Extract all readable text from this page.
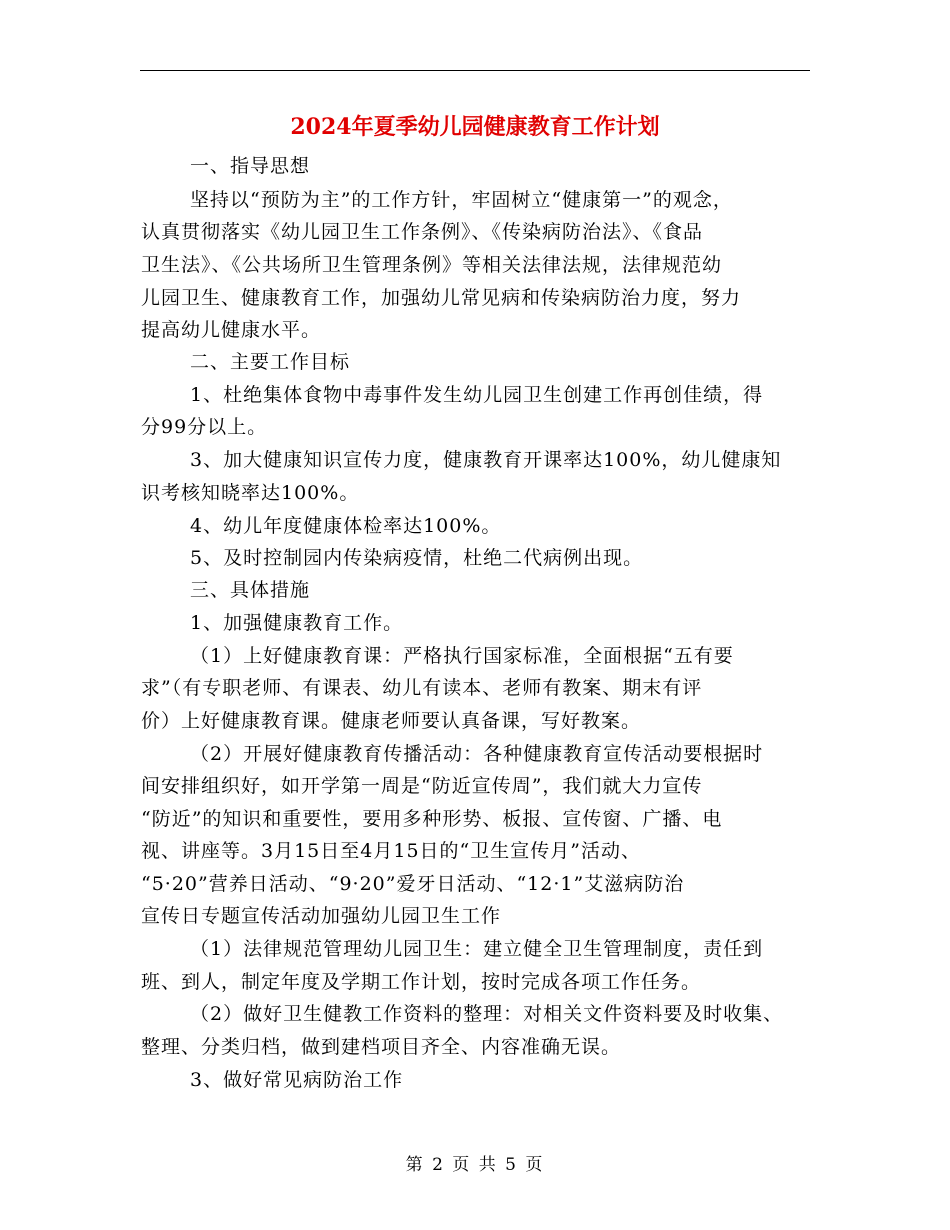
2024年夏季幼儿园健康教育工作计划
一、指导思想
坚持以“预防为主”的工作方针，牢固树立“健康第一”的观念，
认真贯彻落实《幼儿园卫生工作条例》、《传染病防治法》、《食品
卫生法》、《公共场所卫生管理条例》等相关法律法规，法律规范幼
儿园卫生、健康教育工作，加强幼儿常见病和传染病防治力度，努力
提高幼儿健康水平。
二、主要工作目标
1、杜绝集体食物中毒事件发生幼儿园卫生创建工作再创佳绩，得
分99分以上。
3、加大健康知识宣传力度，健康教育开课率达100%，幼儿健康知
识考核知晓率达100%。
4、幼儿年度健康体检率达100%。
5、及时控制园内传染病疫情，杜绝二代病例出现。
三、具体措施
1、加强健康教育工作。
（1）上好健康教育课：严格执行国家标准，全面根据“五有要
求”（有专职老师、有课表、幼儿有读本、老师有教案、期末有评
价）上好健康教育课。健康老师要认真备课，写好教案。
（2）开展好健康教育传播活动：各种健康教育宣传活动要根据时
间安排组织好，如开学第一周是“防近宣传周”，我们就大力宣传
“防近”的知识和重要性，要用多种形势、板报、宣传窗、广播、电
视、讲座等。3月15日至4月15日的“卫生宣传月”活动、
“5·20”营养日活动、“9·20”爱牙日活动、“12·1”艾滋病防治
宣传日专题宣传活动加强幼儿园卫生工作
（1）法律规范管理幼儿园卫生：建立健全卫生管理制度，责任到
班、到人，制定年度及学期工作计划，按时完成各项工作任务。
（2）做好卫生健教工作资料的整理：对相关文件资料要及时收集、
整理、分类归档，做到建档项目齐全、内容准确无误。
3、做好常见病防治工作
第 2 页 共 5 页
